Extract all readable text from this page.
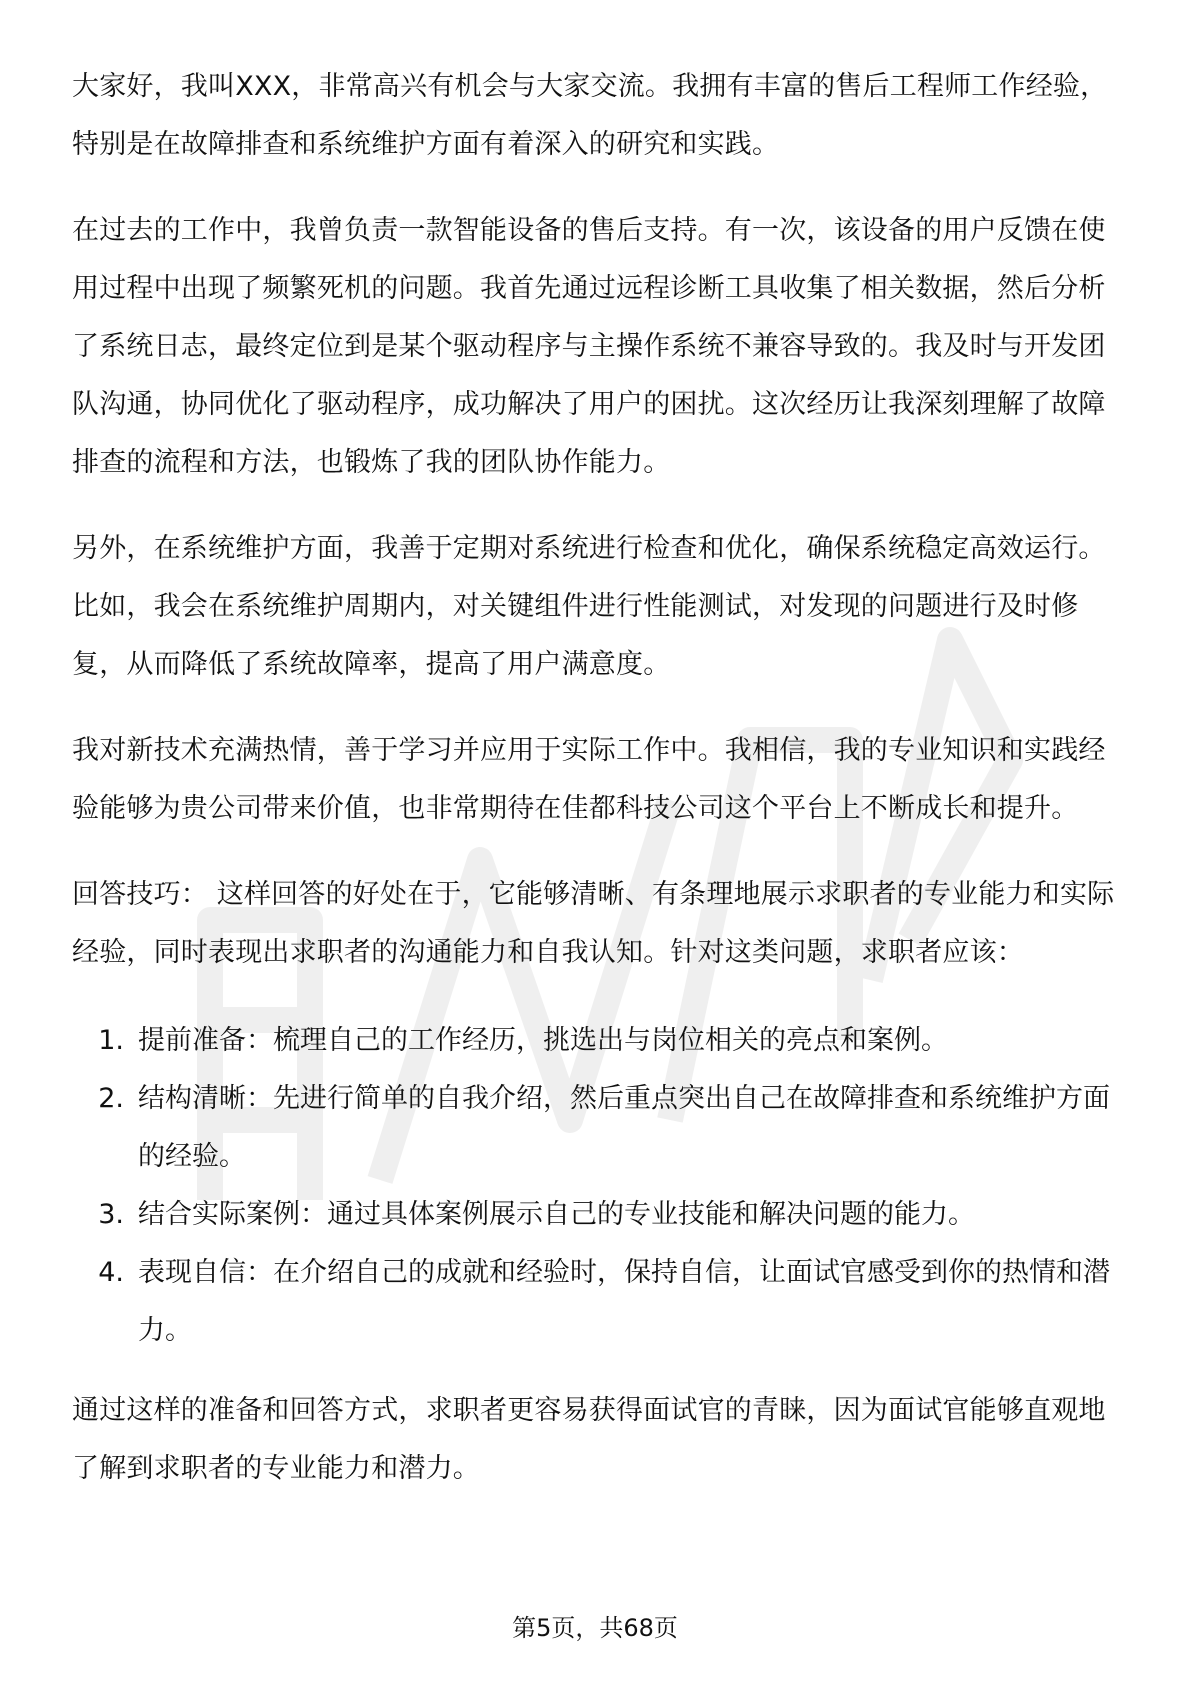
大家好，我叫XXX，非常高兴有机会与大家交流。我拥有丰富的售后工程师工作经验，特别是在故障排查和系统维护方面有着深入的研究和实践。

在过去的工作中，我曾负责一款智能设备的售后支持。有一次，该设备的用户反馈在使用过程中出现了频繁死机的问题。我首先通过远程诊断工具收集了相关数据，然后分析了系统日志，最终定位到是某个驱动程序与主操作系统不兼容导致的。我及时与开发团队沟通，协同优化了驱动程序，成功解决了用户的困扰。这次经历让我深刻理解了故障排查的流程和方法，也锻炼了我的团队协作能力。

另外，在系统维护方面，我善于定期对系统进行检查和优化，确保系统稳定高效运行。比如，我会在系统维护周期内，对关键组件进行性能测试，对发现的问题进行及时修复，从而降低了系统故障率，提高了用户满意度。

我对新技术充满热情，善于学习并应用于实际工作中。我相信，我的专业知识和实践经验能够为贵公司带来价值，也非常期待在佳都科技公司这个平台上不断成长和提升。

回答技巧： 这样回答的好处在于，它能够清晰、有条理地展示求职者的专业能力和实际经验，同时表现出求职者的沟通能力和自我认知。针对这类问题，求职者应该：

1. 提前准备：梳理自己的工作经历，挑选出与岗位相关的亮点和案例。
2. 结构清晰：先进行简单的自我介绍，然后重点突出自己在故障排查和系统维护方面的经验。
3. 结合实际案例：通过具体案例展示自己的专业技能和解决问题的能力。
4. 表现自信：在介绍自己的成就和经验时，保持自信，让面试官感受到你的热情和潜力。

通过这样的准备和回答方式，求职者更容易获得面试官的青睐，因为面试官能够直观地了解到求职者的专业能力和潜力。

第5页，共68页
